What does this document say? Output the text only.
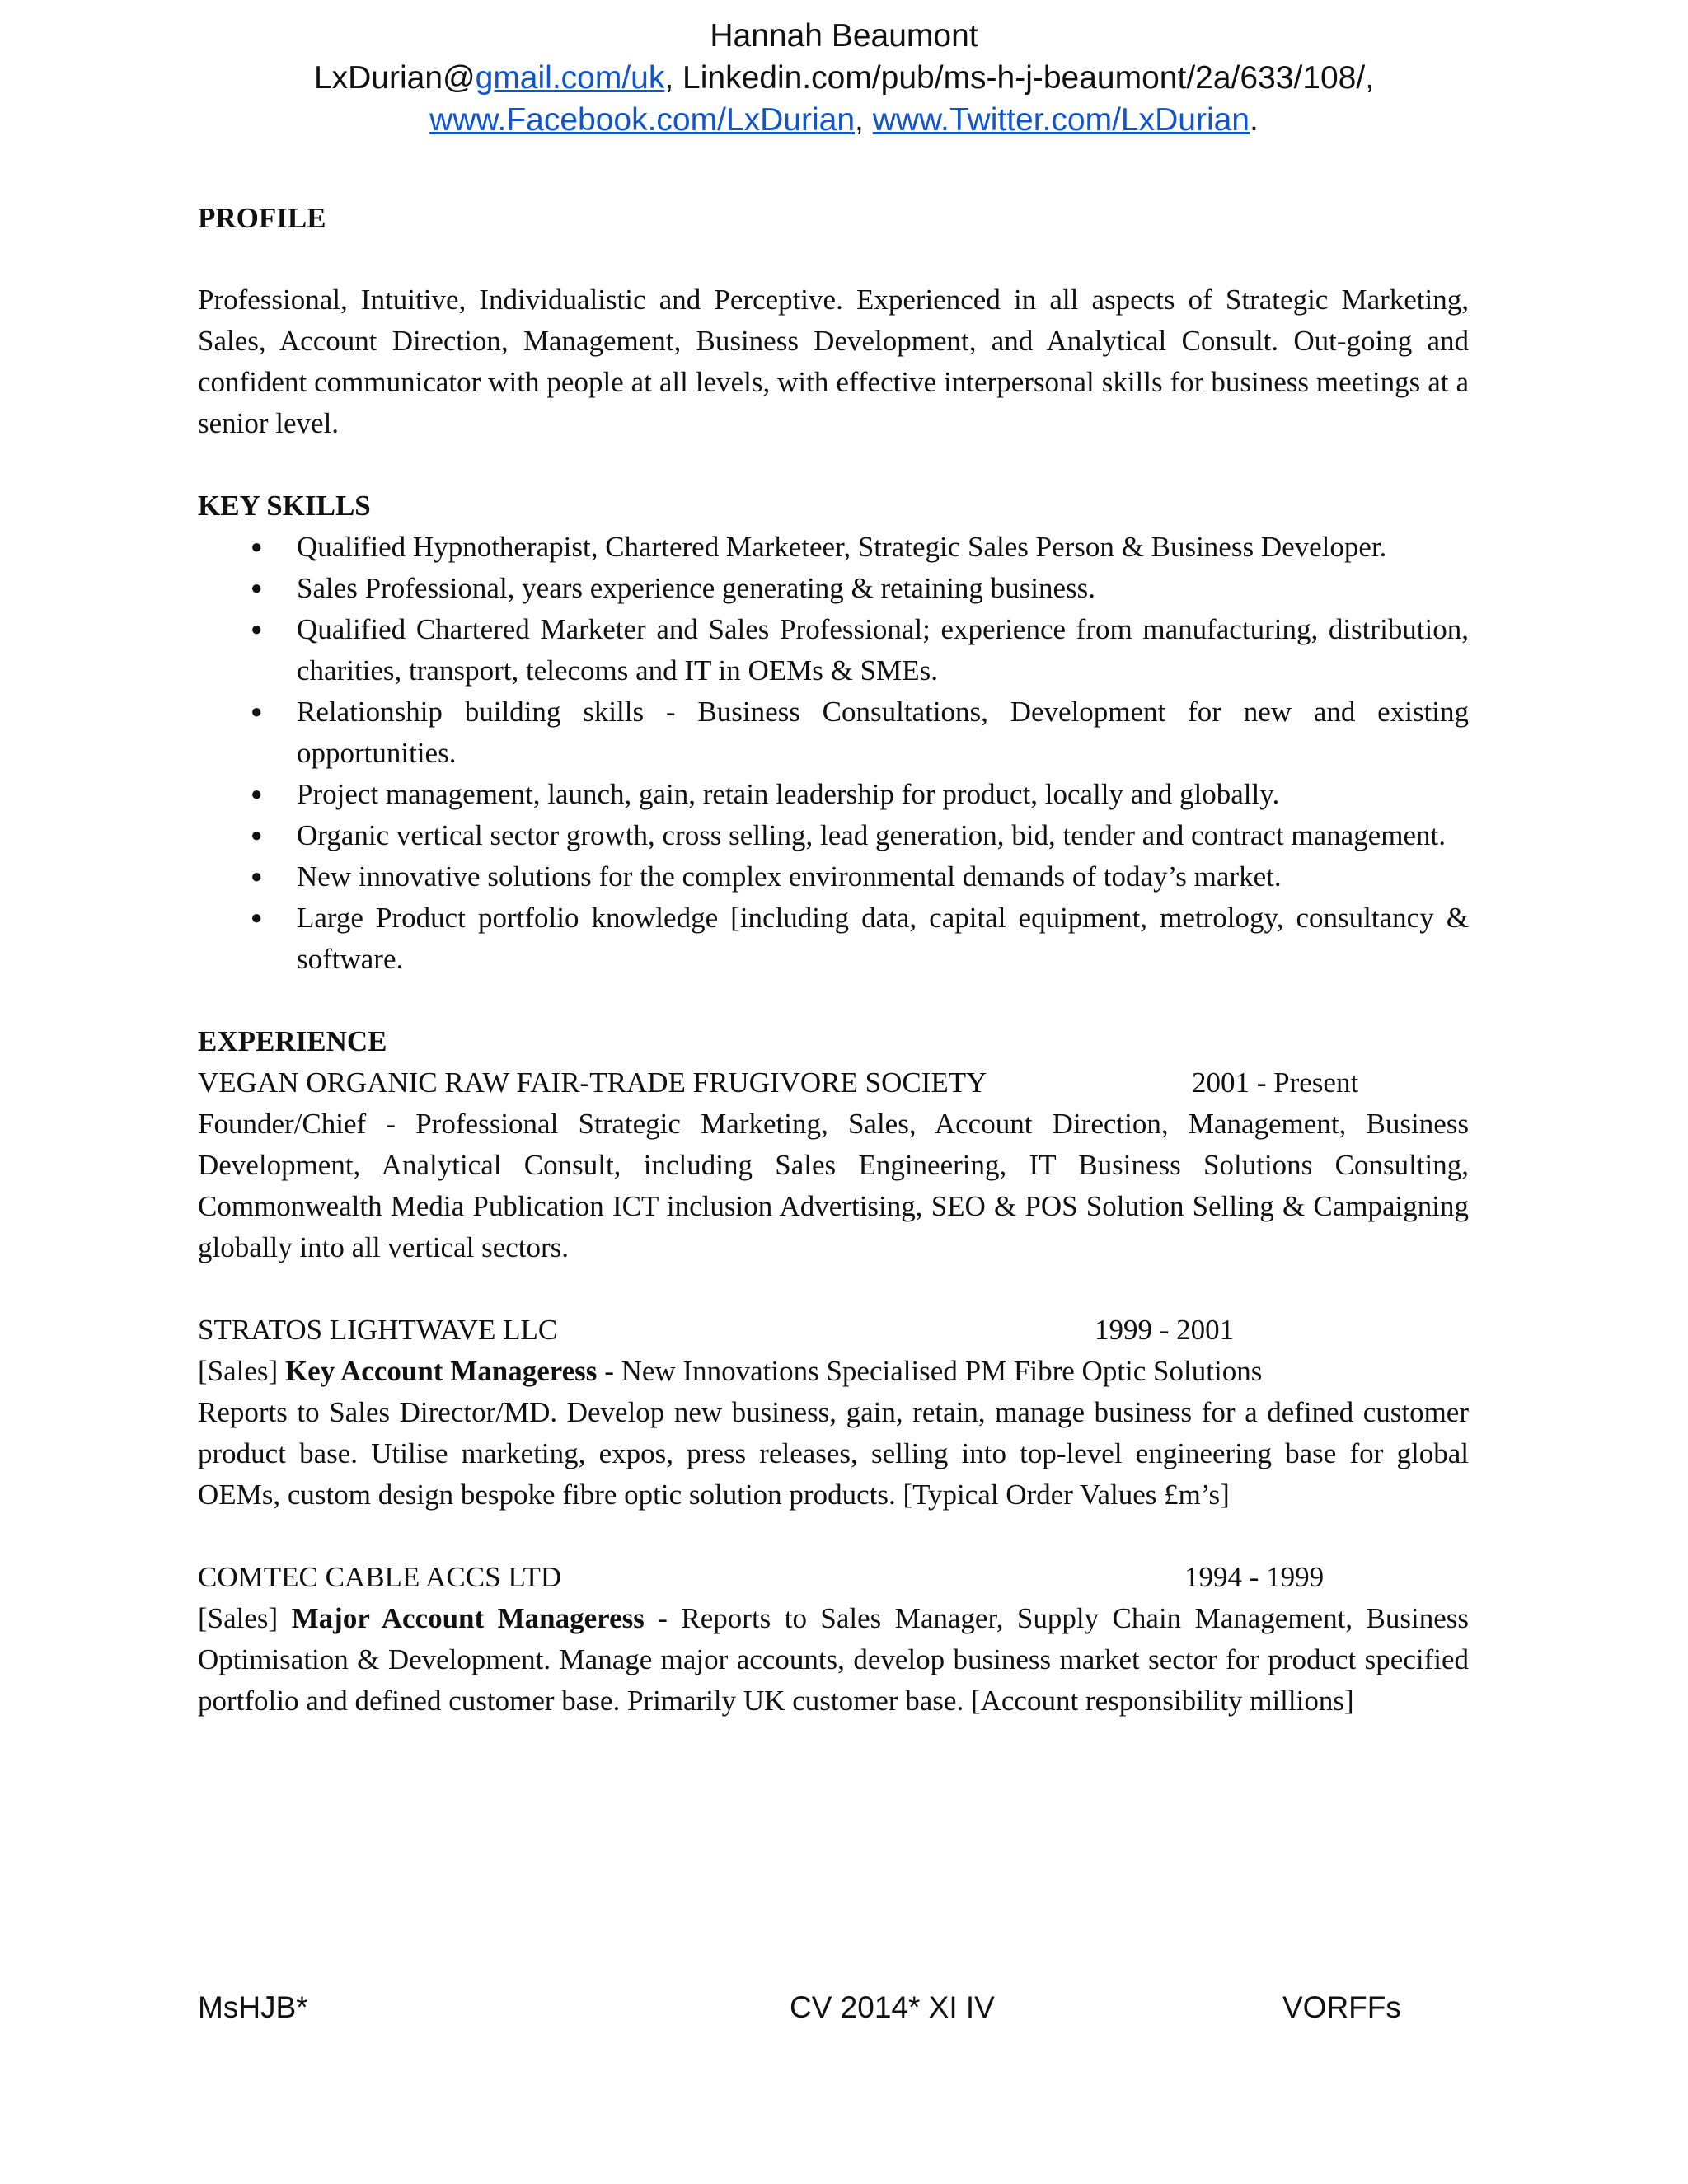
Hannah Beaumont
LxDurian@gmail.com/uk, Linkedin.com/pub/ms-h-j-beaumont/2a/633/108/,
www.Facebook.com/LxDurian, www.Twitter.com/LxDurian.

PROFILE

Professional, Intuitive, Individualistic and Perceptive. Experienced in all aspects of Strategic Marketing, Sales, Account Direction, Management, Business Development, and Analytical Consult. Out-going and confident communicator with people at all levels, with effective interpersonal skills for business meetings at a senior level.

KEY SKILLS

● Qualified Hypnotherapist, Chartered Marketeer, Strategic Sales Person & Business Developer.
● Sales Professional, years experience generating & retaining business.
● Qualified Chartered Marketer and Sales Professional; experience from manufacturing, distribution, charities, transport, telecoms and IT in OEMs & SMEs.
● Relationship building skills - Business Consultations, Development for new and existing opportunities.
● Project management, launch, gain, retain leadership for product, locally and globally.
● Organic vertical sector growth, cross selling, lead generation, bid, tender and contract management.
● New innovative solutions for the complex environmental demands of today’s market.
● Large Product portfolio knowledge [including data, capital equipment, metrology, consultancy & software.

EXPERIENCE

VEGAN ORGANIC RAW FAIR-TRADE FRUGIVORE SOCIETY	2001 - Present

Founder/Chief - Professional Strategic Marketing, Sales, Account Direction, Management, Business Development, Analytical Consult, including Sales Engineering, IT Business Solutions Consulting, Commonwealth Media Publication ICT inclusion Advertising, SEO & POS Solution Selling & Campaigning globally into all vertical sectors.

STRATOS LIGHTWAVE LLC	1999 - 2001
[Sales] Key Account Manageress - New Innovations Specialised PM Fibre Optic Solutions

Reports to Sales Director/MD. Develop new business, gain, retain, manage business for a defined customer product base. Utilise marketing, expos, press releases, selling into top-level engineering base for global OEMs, custom design bespoke fibre optic solution products. [Typical Order Values £m’s]

COMTEC CABLE ACCS LTD	1994 - 1999

[Sales] Major Account Manageress - Reports to Sales Manager, Supply Chain Management, Business Optimisation & Development. Manage major accounts, develop business market sector for product specified portfolio and defined customer base. Primarily UK customer base. [Account responsibility millions]

MsHJB*	CV 2014* XI IV	VORFFs
